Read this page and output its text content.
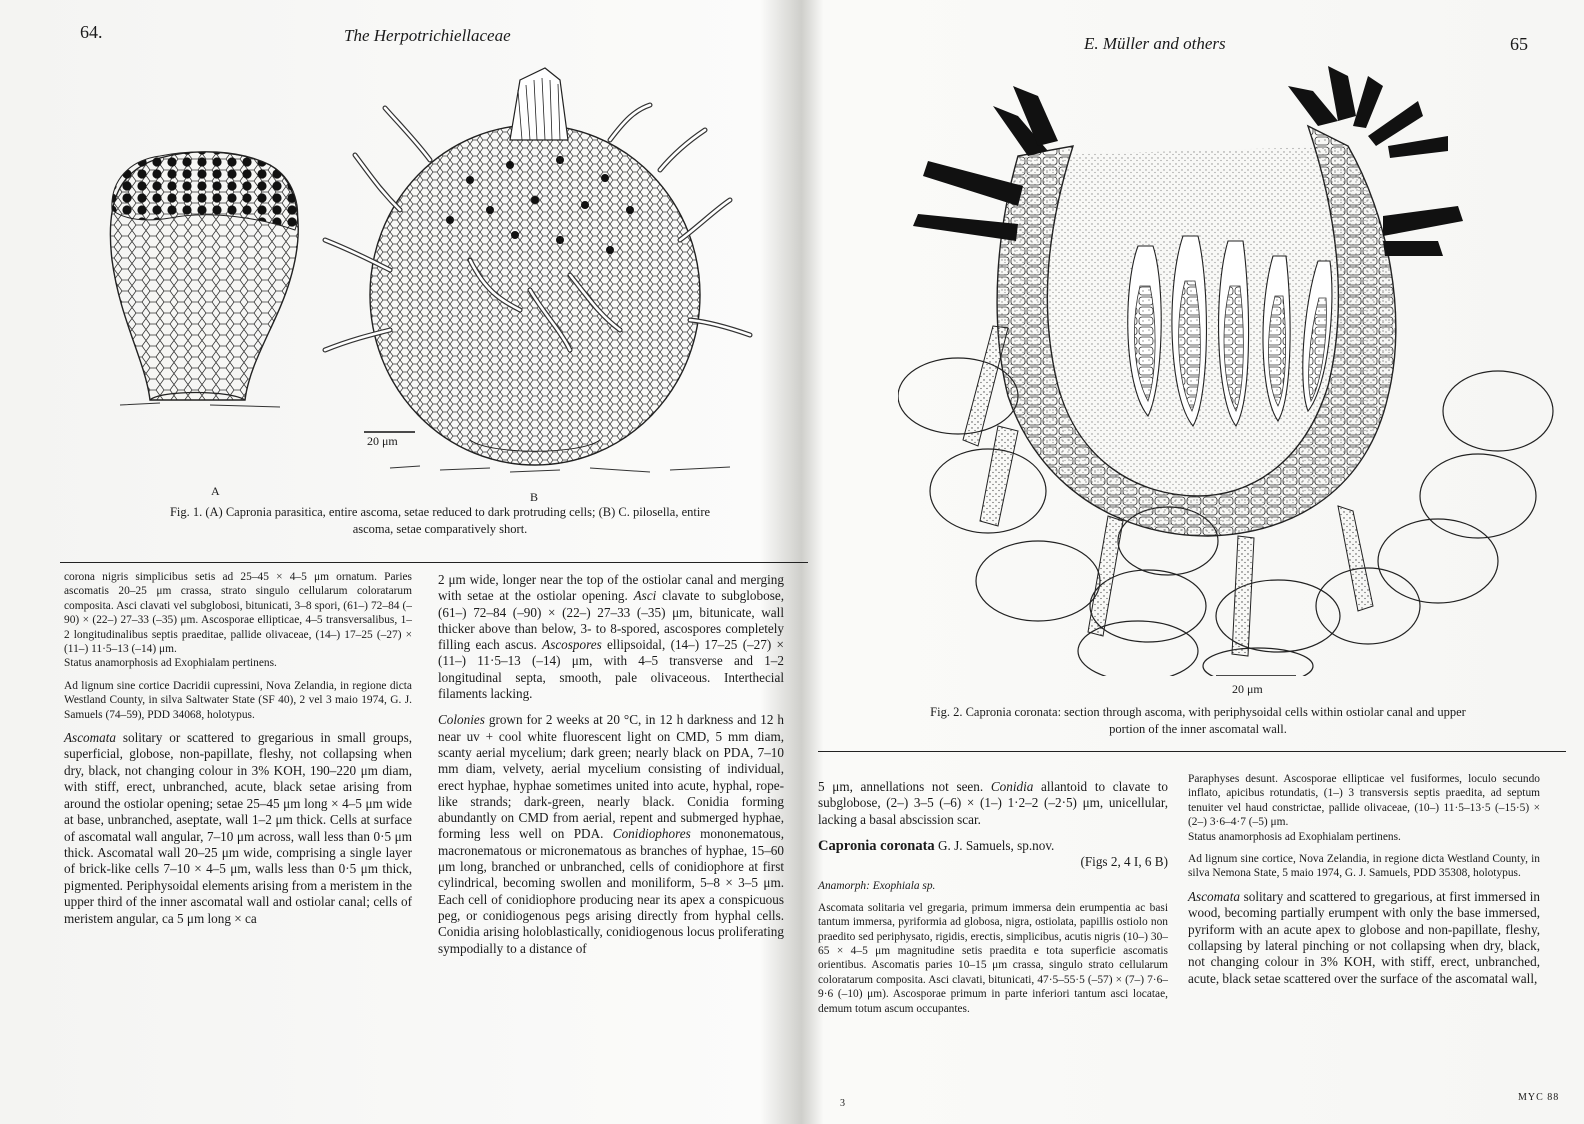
64.	The Herpotrichiellaceae
20 μm
A	B
Fig. 1. (A) Capronia parasitica, entire ascoma, setae reduced to dark protruding cells; (B) C. pilosella, entire
ascoma, setae comparatively short.

corona nigris simplicibus setis ad 25–45 × 4–5 μm ornatum. Paries ascomatis 20–25 μm crassa, strato singulo cellularum coloratarum composita. Asci clavati vel subglobosi, bitunicati, 3–8 spori, (61–) 72–84 (–90) × (22–) 27–33 (–35) μm. Ascosporae ellipticae, 4–5 transversalibus, 1–2 longitudinalibus septis praeditae, pallide olivaceae, (14–) 17–25 (–27) × (11–) 11·5–13 (–14) μm.

Status anamorphosis ad Exophialam pertinens.

Ad lignum sine cortice Dacridii cupressini, Nova Zelandia, in regione dicta Westland County, in silva Saltwater State (SF 40), 2 vel 3 maio 1974, G. J. Samuels (74–59), PDD 34068, holotypus.

Ascomata solitary or scattered to gregarious in small groups, superficial, globose, non-papillate, fleshy, not collapsing when dry, black, not changing colour in 3% KOH, 190–220 μm diam, with stiff, erect, unbranched, acute, black setae arising from around the ostiolar opening; setae 25–45 μm long × 4–5 μm wide at base, unbranched, aseptate, wall 1–2 μm thick. Cells at surface of ascomatal wall angular, 7–10 μm across, wall less than 0·5 μm thick. Ascomatal wall 20–25 μm wide, comprising a single layer of brick-like cells 7–10 × 4–5 μm, walls less than 0·5 μm thick, pigmented. Periphysoidal elements arising from a meristem in the upper third of the inner ascomatal wall and ostiolar canal; cells of meristem angular, ca 5 μm long × ca

2 μm wide, longer near the top of the ostiolar canal and merging with setae at the ostiolar opening. Asci clavate to subglobose, (61–) 72–84 (–90) × (22–) 27–33 (–35) μm, bitunicate, wall thicker above than below, 3- to 8-spored, ascospores completely filling each ascus. Ascospores ellipsoidal, (14–) 17–25 (–27) × (11–) 11·5–13 (–14) μm, with 4–5 transverse and 1–2 longitudinal septa, smooth, pale olivaceous. Interthecial filaments lacking.

Colonies grown for 2 weeks at 20 °C, in 12 h darkness and 12 h near uv + cool white fluorescent light on CMD, 5 mm diam, scanty aerial mycelium; dark green; nearly black on PDA, 7–10 mm diam, velvety, aerial mycelium consisting of individual, erect hyphae, hyphae sometimes united into acute, hyphal, rope-like strands; dark-green, nearly black. Conidia forming abundantly on CMD from aerial, repent and submerged hyphae, forming less well on PDA. Conidiophores mononematous, macronematous or micronematous as branches of hyphae, 15–60 μm long, branched or unbranched, cells of conidiophore at first cylindrical, becoming swollen and moniliform, 5–8 × 3–5 μm. Each cell of conidiophore producing near its apex a conspicuous peg, or conidiogenous pegs arising directly from hyphal cells. Conidia arising holoblastically, conidiogenous locus proliferating sympodially to a distance of

E. Müller and others	65
20 μm
Fig. 2. Capronia coronata: section through ascoma, with periphysoidal cells within ostiolar canal and upper
portion of the inner ascomatal wall.

5 μm, annellations not seen. Conidia allantoid to clavate to subglobose, (2–) 3–5 (–6) × (1–) 1·2–2 (–2·5) μm, unicellular, lacking a basal abscission scar.

Capronia coronata G. J. Samuels, sp.nov.
(Figs 2, 4 I, 6 B)

Anamorph: Exophiala sp.

Ascomata solitaria vel gregaria, primum immersa dein erumpentia ac basi tantum immersa, pyriformia ad globosa, nigra, ostiolata, papillis ostiolo non praedito sed periphysato, rigidis, erectis, simplicibus, acutis nigris (10–) 30–65 × 4–5 μm magnitudine setis praedita e tota superficie ascomatis orientibus. Ascomatis paries 10–15 μm crassa, singulo strato cellularum coloratarum composita. Asci clavati, bitunicati, 47·5–55·5 (–57) × (7–) 7·6–9·6 (–10) μm). Ascosporae primum in parte inferiori tantum asci locatae, demum totum ascum occupantes.

Paraphyses desunt. Ascosporae ellipticae vel fusiformes, loculo secundo inflato, apicibus rotundatis, (1–) 3 transversis septis praedita, ad septum tenuiter vel haud constrictae, pallide olivaceae, (10–) 11·5–13·5 (–15·5) × (2–) 3·6–4·7 (–5) μm.

Status anamorphosis ad Exophialam pertinens.

Ad lignum sine cortice, Nova Zelandia, in regione dicta Westland County, in silva Nemona State, 5 maio 1974, G. J. Samuels, PDD 35308, holotypus.

Ascomata solitary and scattered to gregarious, at first immersed in wood, becoming partially erumpent with only the base immersed, pyriform with an acute apex to globose and non-papillate, fleshy, collapsing by lateral pinching or not collapsing when dry, black, not changing colour in 3% KOH, with stiff, erect, unbranched, acute, black setae scattered over the surface of the ascomatal wall,

3
MYC 88
